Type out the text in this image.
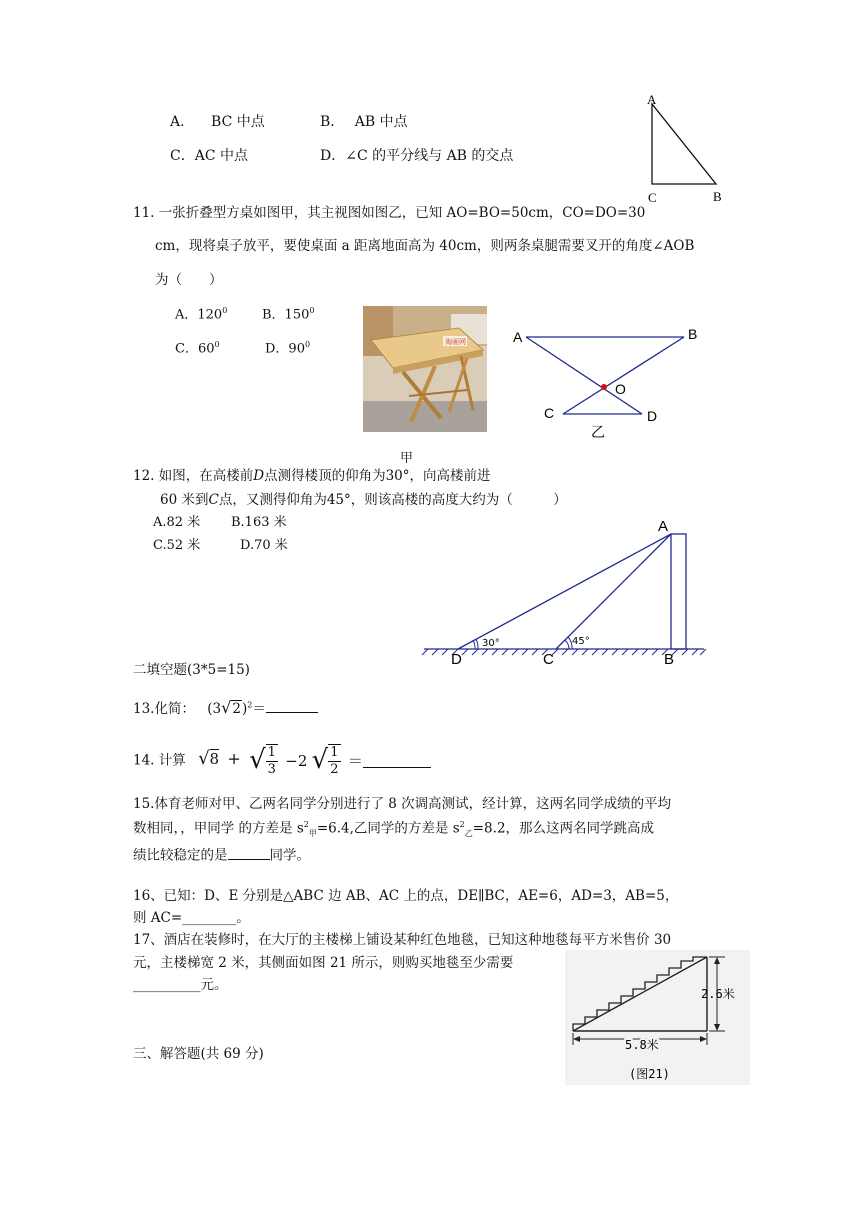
A. BC 中点	B． AB 中点
C．AC 中点	D．∠C 的平分线与 AB 的交点
A
C	B
11. 一张折叠型方桌如图甲，其主视图如图乙，已知 AO=BO=50cm，CO=DO=30
cm，现将桌子放平，要使桌面 a 距离地面高为 40cm，则两条桌腿需要叉开的角度∠AOB
为（　　）
A．$120^0$	B．$150^0$
C．$60^0$	D．$90^0$	淘画网
甲
A	B
O
C	D
乙
12. 如图，在高楼前D点测得楼顶的仰角为30°，向高楼前进
60 米到C点，又测得仰角为45°，则该高楼的高度大约为（　　　）
A.82 米 B.163 米
C.52 米	D.70 米
30°	45°
A
D	C	B
二填空题(3*5=15)
13.化简： $(3√2)^2=$
14. 计算 √8 + √ $\frac{1}{3} -2$ √ $\frac{1}{2}$ ＝
15.体育老师对甲、乙两名同学分别进行了 8 次调高测试，经计算，这两名同学成绩的平均
数相同，，甲同学 的方差是 $s^2_甲=6.4$,乙同学的方差是 $s^2_乙=8.2$，那么这两名同学跳高成
绩比较稳定的是	同学。
16、已知：D、E 分别是△ABC 边 AB、AC 上的点，DE∥BC，AE=6，AD=3，AB=5，
则 AC=________。
17、酒店在装修时，在大厅的主楼梯上铺设某种红色地毯，已知这种地毯每平方米售价 30
元，主楼梯宽 2 米，其侧面如图 21 所示，则购买地毯至少需要
__________元。
2.6米
5.8米
(图21)
三、解答题(共 69 分)
